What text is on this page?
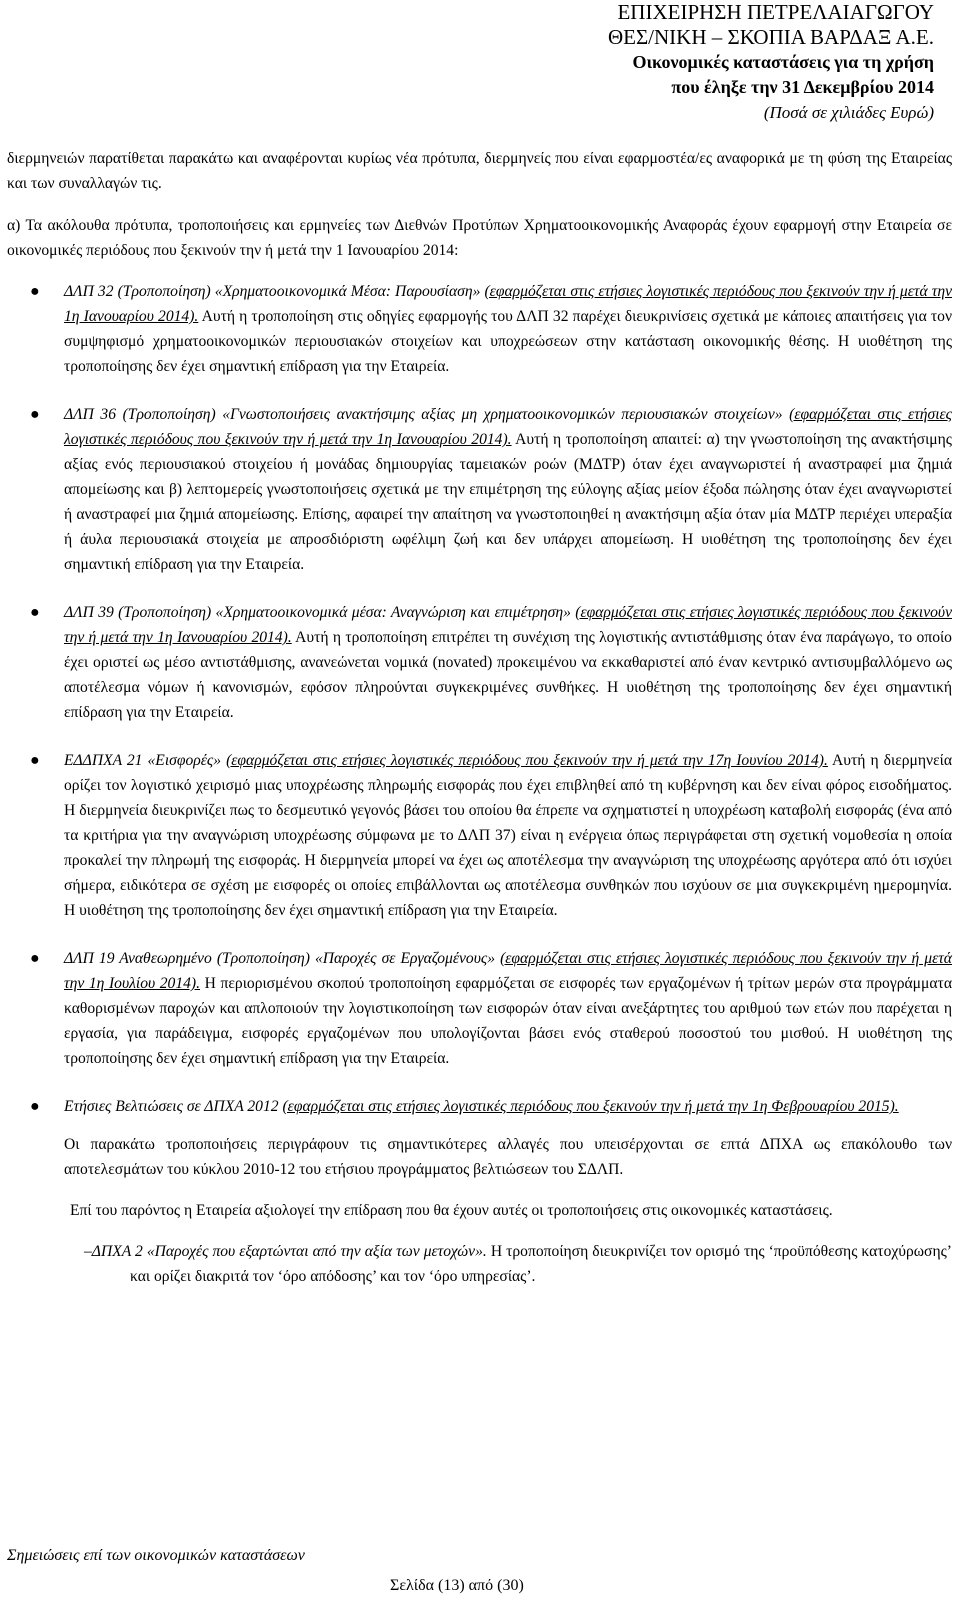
ΕΠΙΧΕΙΡΗΣΗ ΠΕΤΡΕΛΑΙΑΓΩΓΟΥ
ΘΕΣ/ΝΙΚΗ – ΣΚΟΠΙΑ ΒΑΡΔΑΞ Α.Ε.
Οικονομικές καταστάσεις για τη χρήση
που έληξε την 31 Δεκεμβρίου 2014
(Ποσά σε χιλιάδες Ευρώ)

διερμηνειών παρατίθεται παρακάτω και αναφέρονται κυρίως νέα πρότυπα, διερμηνείς που είναι εφαρμοστέα/ες αναφορικά με τη φύση της Εταιρείας και των συναλλαγών τις.

α) Τα ακόλουθα πρότυπα, τροποποιήσεις και ερμηνείες των Διεθνών Προτύπων Χρηματοοικονομικής Αναφοράς έχουν εφαρμογή στην Εταιρεία σε οικονομικές περιόδους που ξεκινούν την ή μετά την 1 Ιανουαρίου 2014:

● ΔΛΠ 32 (Τροποποίηση) «Χρηματοοικονομικά Μέσα: Παρουσίαση» (εφαρμόζεται στις ετήσιες λογιστικές περιόδους που ξεκινούν την ή μετά την 1η Ιανουαρίου 2014). Αυτή η τροποποίηση στις οδηγίες εφαρμογής του ΔΛΠ 32 παρέχει διευκρινίσεις σχετικά με κάποιες απαιτήσεις για τον συμψηφισμό χρηματοοικονομικών περιουσιακών στοιχείων και υποχρεώσεων στην κατάσταση οικονομικής θέσης. Η υιοθέτηση της τροποποίησης δεν έχει σημαντική επίδραση για την Εταιρεία.
● ΔΛΠ 36 (Τροποποίηση) «Γνωστοποιήσεις ανακτήσιμης αξίας μη χρηματοοικονομικών περιουσιακών στοιχείων» (εφαρμόζεται στις ετήσιες λογιστικές περιόδους που ξεκινούν την ή μετά την 1η Ιανουαρίου 2014). Αυτή η τροποποίηση απαιτεί: α) την γνωστοποίηση της ανακτήσιμης αξίας ενός περιουσιακού στοιχείου ή μονάδας δημιουργίας ταμειακών ροών (ΜΔΤΡ) όταν έχει αναγνωριστεί ή αναστραφεί μια ζημιά απομείωσης και β) λεπτομερείς γνωστοποιήσεις σχετικά με την επιμέτρηση της εύλογης αξίας μείον έξοδα πώλησης όταν έχει αναγνωριστεί ή αναστραφεί μια ζημιά απομείωσης. Επίσης, αφαιρεί την απαίτηση να γνωστοποιηθεί η ανακτήσιμη αξία όταν μία ΜΔΤΡ περιέχει υπεραξία ή άυλα περιουσιακά στοιχεία με απροσδιόριστη ωφέλιμη ζωή και δεν υπάρχει απομείωση. Η υιοθέτηση της τροποποίησης δεν έχει σημαντική επίδραση για την Εταιρεία.
● ΔΛΠ 39 (Τροποποίηση) «Χρηματοοικονομικά μέσα: Αναγνώριση και επιμέτρηση» (εφαρμόζεται στις ετήσιες λογιστικές περιόδους που ξεκινούν την ή μετά την 1η Ιανουαρίου 2014). Αυτή η τροποποίηση επιτρέπει τη συνέχιση της λογιστικής αντιστάθμισης όταν ένα παράγωγο, το οποίο έχει οριστεί ως μέσο αντιστάθμισης, ανανεώνεται νομικά (novated) προκειμένου να εκκαθαριστεί από έναν κεντρικό αντισυμβαλλόμενο ως αποτέλεσμα νόμων ή κανονισμών, εφόσον πληρούνται συγκεκριμένες συνθήκες. Η υιοθέτηση της τροποποίησης δεν έχει σημαντική επίδραση για την Εταιρεία.
● ΕΔΔΠΧΑ 21 «Εισφορές» (εφαρμόζεται στις ετήσιες λογιστικές περιόδους που ξεκινούν την ή μετά την 17η Ιουνίου 2014). Αυτή η διερμηνεία ορίζει τον λογιστικό χειρισμό μιας υποχρέωσης πληρωμής εισφοράς που έχει επιβληθεί από τη κυβέρνηση και δεν είναι φόρος εισοδήματος. Η διερμηνεία διευκρινίζει πως το δεσμευτικό γεγονός βάσει του οποίου θα έπρεπε να σχηματιστεί η υποχρέωση καταβολή εισφοράς (ένα από τα κριτήρια για την αναγνώριση υποχρέωσης σύμφωνα με το ΔΛΠ 37) είναι η ενέργεια όπως περιγράφεται στη σχετική νομοθεσία η οποία προκαλεί την πληρωμή της εισφοράς. Η διερμηνεία μπορεί να έχει ως αποτέλεσμα την αναγνώριση της υποχρέωσης αργότερα από ότι ισχύει σήμερα, ειδικότερα σε σχέση με εισφορές οι οποίες επιβάλλονται ως αποτέλεσμα συνθηκών που ισχύουν σε μια συγκεκριμένη ημερομηνία. Η υιοθέτηση της τροποποίησης δεν έχει σημαντική επίδραση για την Εταιρεία.
● ΔΛΠ 19 Αναθεωρημένο (Τροποποίηση) «Παροχές σε Εργαζομένους» (εφαρμόζεται στις ετήσιες λογιστικές περιόδους που ξεκινούν την ή μετά την 1η Ιουλίου 2014). Η περιορισμένου σκοπού τροποποίηση εφαρμόζεται σε εισφορές των εργαζομένων ή τρίτων μερών στα προγράμματα καθορισμένων παροχών και απλοποιούν την λογιστικοποίηση των εισφορών όταν είναι ανεξάρτητες του αριθμού των ετών που παρέχεται η εργασία, για παράδειγμα, εισφορές εργαζομένων που υπολογίζονται βάσει ενός σταθερού ποσοστού του μισθού. Η υιοθέτηση της τροποποίησης δεν έχει σημαντική επίδραση για την Εταιρεία.
● Ετήσιες Βελτιώσεις σε ΔΠΧΑ 2012 (εφαρμόζεται στις ετήσιες λογιστικές περιόδους που ξεκινούν την ή μετά την 1η Φεβρουαρίου 2015).

Οι παρακάτω τροποποιήσεις περιγράφουν τις σημαντικότερες αλλαγές που υπεισέρχονται σε επτά ΔΠΧΑ ως επακόλουθο των αποτελεσμάτων του κύκλου 2010-12 του ετήσιου προγράμματος βελτιώσεων του ΣΔΛΠ.

Επί του παρόντος η Εταιρεία αξιολογεί την επίδραση που θα έχουν αυτές οι τροποποιήσεις στις οικονομικές καταστάσεις.

–ΔΠΧΑ 2 «Παροχές που εξαρτώνται από την αξία των μετοχών». Η τροποποίηση διευκρινίζει τον ορισμό της ‘προϋπόθεσης κατοχύρωσης’ και ορίζει διακριτά τον ‘όρο απόδοσης’ και τον ‘όρο υπηρεσίας’.
Σημειώσεις επί των οικονομικών καταστάσεων
Σελίδα (13) από (30)
